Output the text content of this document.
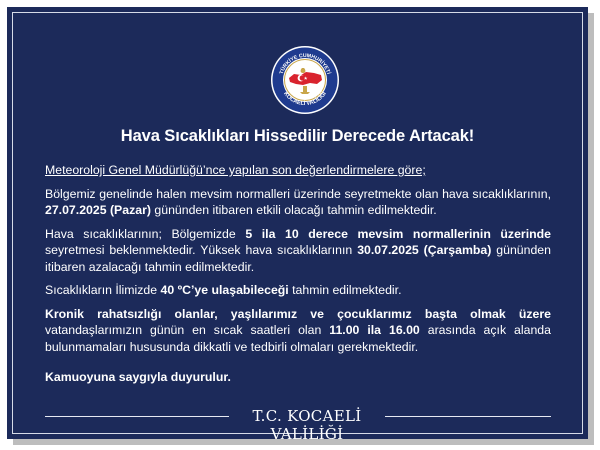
TÜRKİYE CUMHURİYETİ
KOCAELİ VALİLİĞİ
Hava Sıcaklıkları Hissedilir Derecede Artacak!

Meteoroloji Genel Müdürlüğü’nce yapılan son değerlendirmelere göre;

Bölgemiz genelinde halen mevsim normalleri üzerinde seyretmekte olan hava sıcaklıklarının, 27.07.2025 (Pazar) gününden itibaren etkili olacağı tahmin edilmektedir.

Hava sıcaklıklarının; Bölgemizde 5 ila 10 derece mevsim normallerinin üzerinde seyretmesi beklenmektedir. Yüksek hava sıcaklıklarının 30.07.2025 (Çarşamba) gününden itibaren azalacağı tahmin edilmektedir.

Sıcaklıkların İlimizde 40 ºC’ye ulaşabileceği tahmin edilmektedir.

Kronik rahatsızlığı olanlar, yaşlılarımız ve çocuklarımız başta olmak üzere vatandaşlarımızın günün en sıcak saatleri olan 11.00 ila 16.00 arasında açık alanda bulunmamaları hususunda dikkatli ve tedbirli olmaları gerekmektedir.

Kamuoyuna saygıyla duyurulur.

T.C. KOCAELİ VALİLİĞİ
